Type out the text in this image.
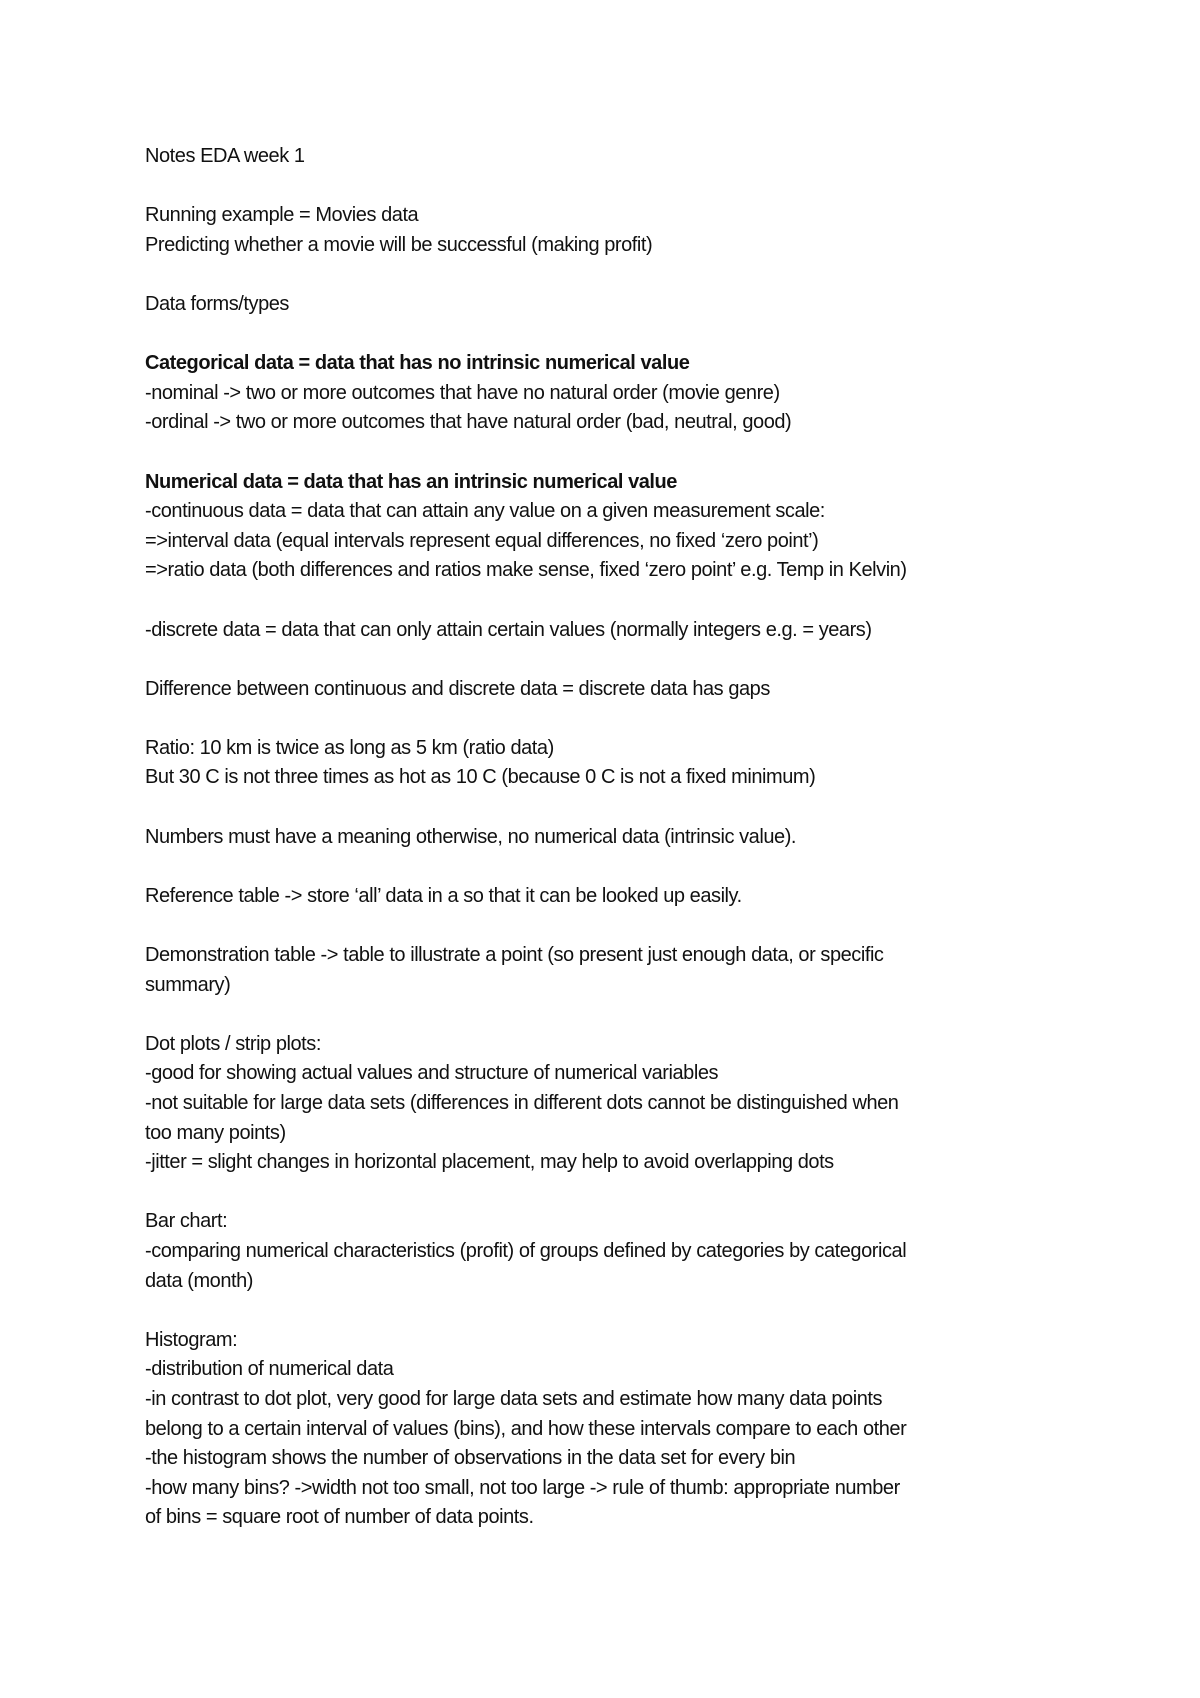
Notes EDA week 1
Running example = Movies data
Predicting whether a movie will be successful (making profit)
Data forms/types
Categorical data = data that has no intrinsic numerical value
-nominal -> two or more outcomes that have no natural order (movie genre)
-ordinal -> two or more outcomes that have natural order (bad, neutral, good)
Numerical data = data that has an intrinsic numerical value
-continuous data = data that can attain any value on a given measurement scale:
=>interval data (equal intervals represent equal differences, no fixed ‘zero point’)
=>ratio data (both differences and ratios make sense, fixed ‘zero point’ e.g. Temp in Kelvin)
-discrete data = data that can only attain certain values (normally integers e.g. = years)
Difference between continuous and discrete data = discrete data has gaps
Ratio: 10 km is twice as long as 5 km (ratio data)
But 30 C is not three times as hot as 10 C (because 0 C is not a fixed minimum)
Numbers must have a meaning otherwise, no numerical data (intrinsic value).
Reference table -> store ‘all’ data in a so that it can be looked up easily.
Demonstration table -> table to illustrate a point (so present just enough data, or specific
summary)
Dot plots / strip plots:
-good for showing actual values and structure of numerical variables
-not suitable for large data sets (differences in different dots cannot be distinguished when
too many points)
-jitter = slight changes in horizontal placement, may help to avoid overlapping dots
Bar chart:
-comparing numerical characteristics (profit) of groups defined by categories by categorical
data (month)
Histogram:
-distribution of numerical data
-in contrast to dot plot, very good for large data sets and estimate how many data points
belong to a certain interval of values (bins), and how these intervals compare to each other
-the histogram shows the number of observations in the data set for every bin
-how many bins? ->width not too small, not too large -> rule of thumb: appropriate number
of bins = square root of number of data points.
